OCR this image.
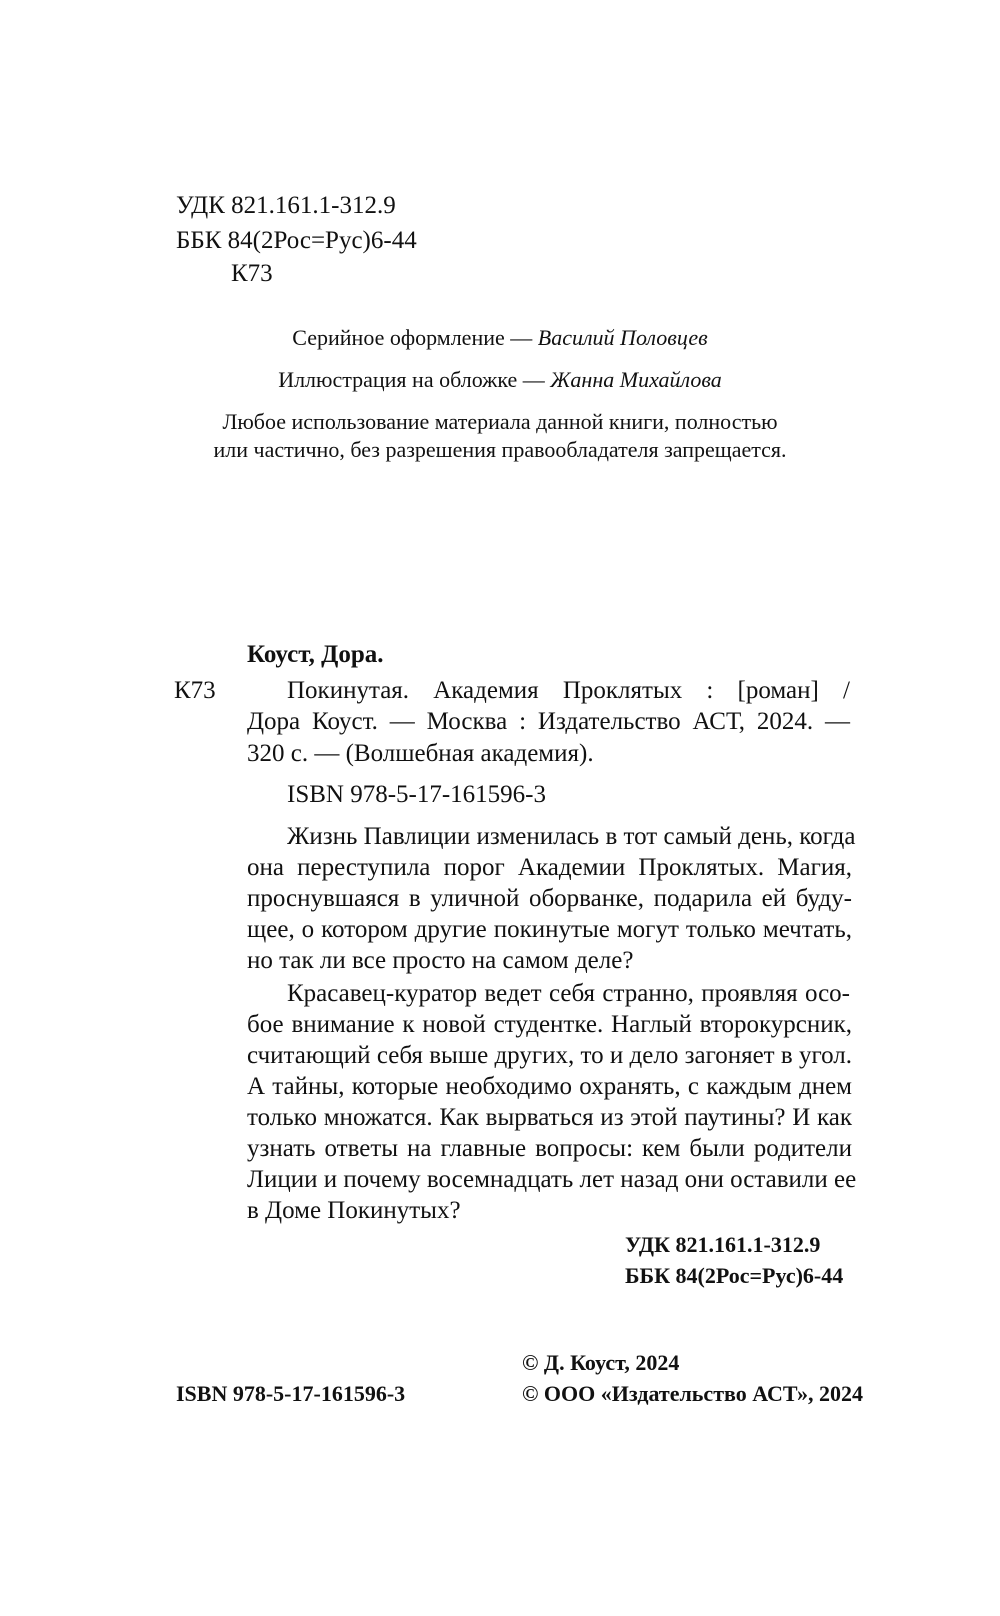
УДК 821.161.1-312.9
ББК 84(2Рос=Рус)6-44
К73
Серийное оформление — Василий Половцев
Иллюстрация на обложке — Жанна Михайлова
Любое использование материала данной книги, полностью
или частично, без разрешения правообладателя запрещается.
Коуст, Дора.
К73	Покинутая. Академия Проклятых : [роман] /
Дора Коуст. — Москва : Издательство АСТ, 2024. —
320 с. — (Волшебная академия).
ISBN 978-5-17-161596-3
Жизнь Павлиции изменилась в тот самый день, когда
она переступила порог Академии Проклятых. Магия,
проснувшаяся в уличной оборванке, подарила ей буду-
щее, о котором другие покинутые могут только мечтать,
но так ли все просто на самом деле?
Красавец-куратор ведет себя странно, проявляя осо-
бое внимание к новой студентке. Наглый второкурсник,
считающий себя выше других, то и дело загоняет в угол.
А тайны, которые необходимо охранять, с каждым днем
только множатся. Как вырваться из этой паутины? И как
узнать ответы на главные вопросы: кем были родители
Лиции и почему восемнадцать лет назад они оставили ее
в Доме Покинутых?
УДК 821.161.1-312.9
ББК 84(2Рос=Рус)6-44
© Д. Коуст, 2024
ISBN 978-5-17-161596-3	© ООО «Издательство АСТ», 2024
